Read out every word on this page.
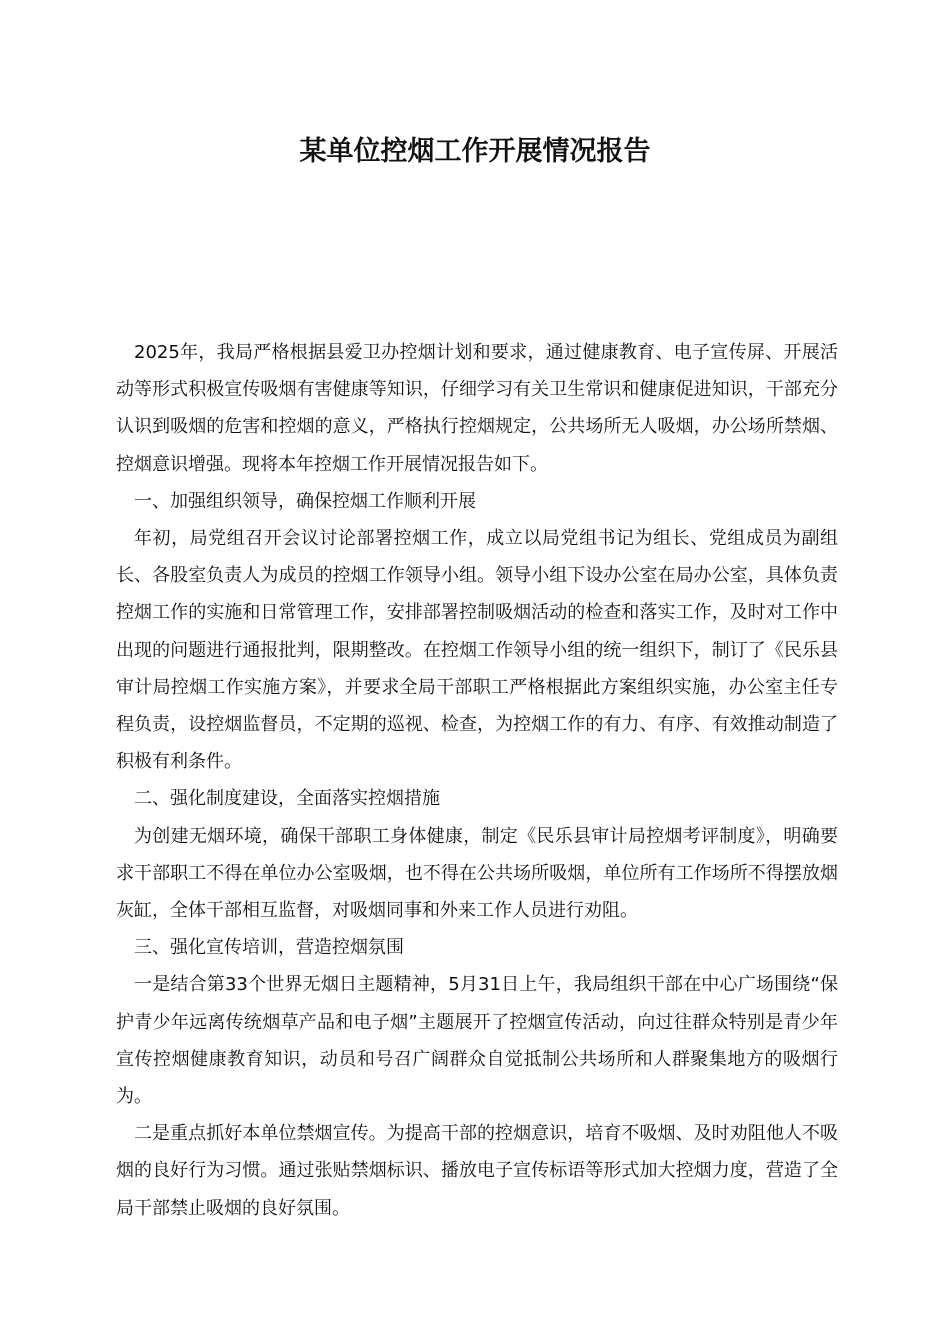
某单位控烟工作开展情况报告

2025年，我局严格根据县爱卫办控烟计划和要求，通过健康教育、电子宣传屏、开展活动等形式积极宣传吸烟有害健康等知识，仔细学习有关卫生常识和健康促进知识，干部充分认识到吸烟的危害和控烟的意义，严格执行控烟规定，公共场所无人吸烟，办公场所禁烟、控烟意识增强。现将本年控烟工作开展情况报告如下。

一、加强组织领导，确保控烟工作顺利开展

年初，局党组召开会议讨论部署控烟工作，成立以局党组书记为组长、党组成员为副组长、各股室负责人为成员的控烟工作领导小组。领导小组下设办公室在局办公室，具体负责控烟工作的实施和日常管理工作，安排部署控制吸烟活动的检查和落实工作，及时对工作中出现的问题进行通报批判，限期整改。在控烟工作领导小组的统一组织下，制订了《民乐县审计局控烟工作实施方案》，并要求全局干部职工严格根据此方案组织实施，办公室主任专程负责，设控烟监督员，不定期的巡视、检查，为控烟工作的有力、有序、有效推动制造了积极有利条件。

二、强化制度建设，全面落实控烟措施

为创建无烟环境，确保干部职工身体健康，制定《民乐县审计局控烟考评制度》，明确要求干部职工不得在单位办公室吸烟，也不得在公共场所吸烟，单位所有工作场所不得摆放烟灰缸，全体干部相互监督，对吸烟同事和外来工作人员进行劝阻。

三、强化宣传培训，营造控烟氛围

一是结合第33个世界无烟日主题精神，5月31日上午，我局组织干部在中心广场围绕“保护青少年远离传统烟草产品和电子烟”主题展开了控烟宣传活动，向过往群众特别是青少年宣传控烟健康教育知识，动员和号召广阔群众自觉抵制公共场所和人群聚集地方的吸烟行为。

二是重点抓好本单位禁烟宣传。为提高干部的控烟意识，培育不吸烟、及时劝阻他人不吸烟的良好行为习惯。通过张贴禁烟标识、播放电子宣传标语等形式加大控烟力度，营造了全局干部禁止吸烟的良好氛围。
